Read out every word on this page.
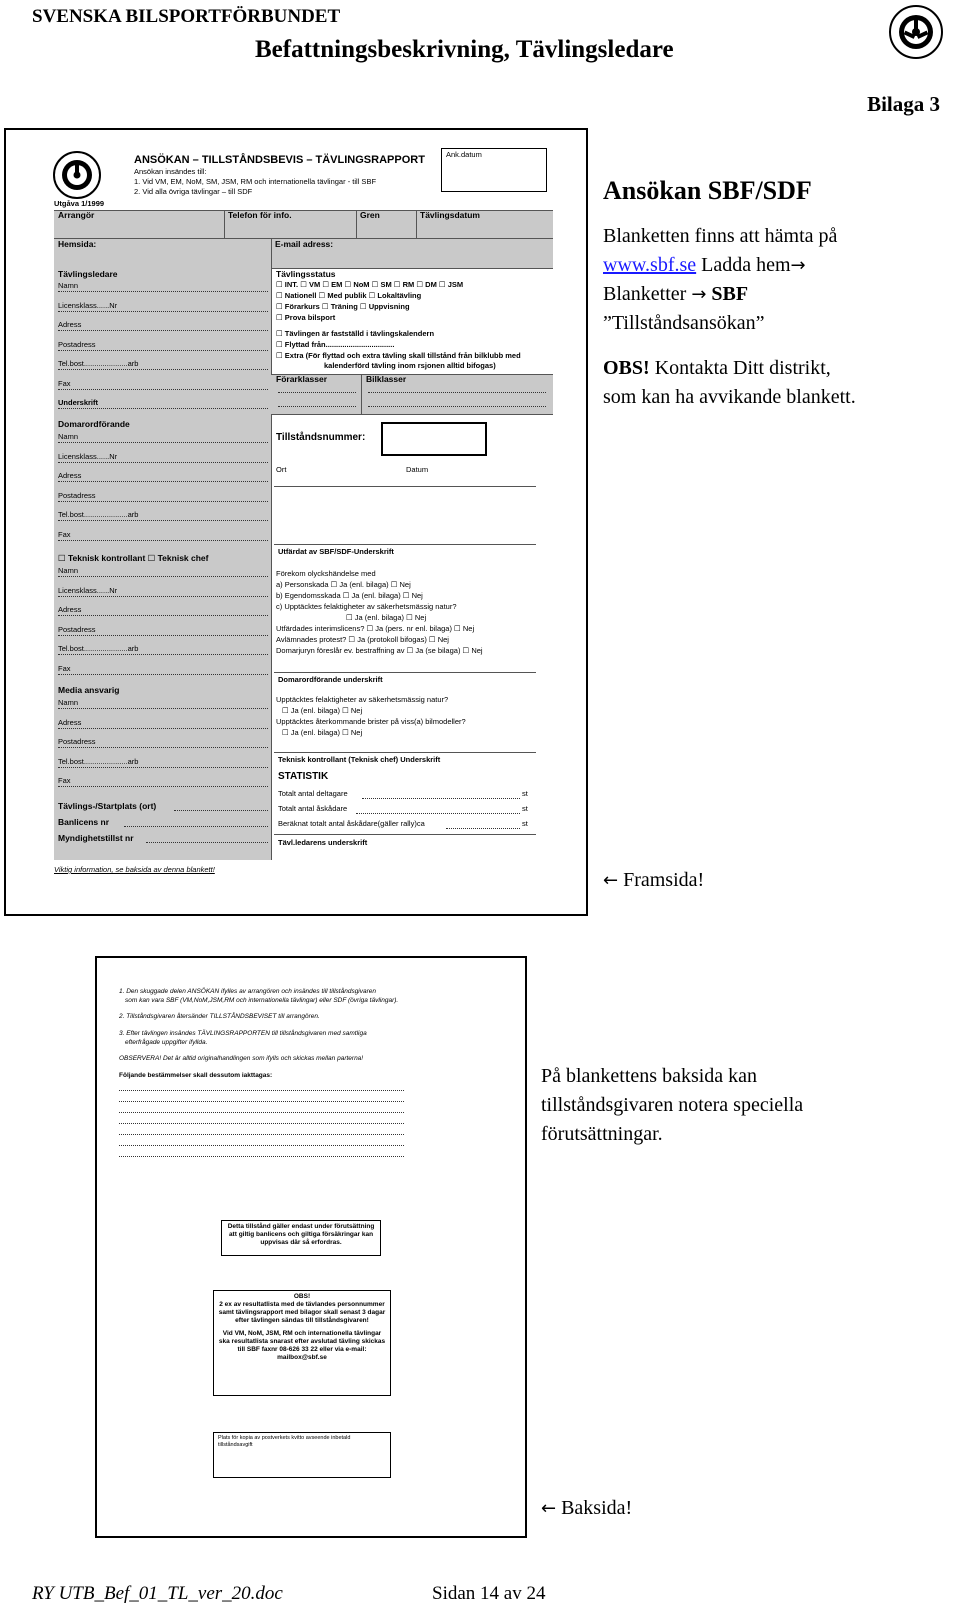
SVENSKA BILSPORTFÖRBUNDET
Befattningsbeskrivning, Tävlingsledare
Bilaga 3
ANSÖKAN – TILLSTÅNDSBEVIS – TÄVLINGSRAPPORT
Ansökan insändes till:
1. Vid VM, EM, NoM, SM, JSM, RM och internationella tävlingar - till SBF
2. Vid alla övriga tävlingar – till SDF
Ank.datum
Utgåva 1/1999
Arrangör	Telefon för info.	Gren	Tävlingsdatum
Hemsida:	E-mail adress:
Tävlingsledare
Namn
Licensklass......Nr
Adress
Postadress
Tel.bost.....................arb
Fax
Underskrift
Domarordförande
Namn
Licensklass......Nr
Adress
Postadress
Tel.bost.....................arb
Fax
☐ Teknisk kontrollant ☐ Teknisk chef
Namn
Licensklass......Nr
Adress
Postadress
Tel.bost.....................arb
Fax
Media ansvarig
Namn
Adress
Postadress
Tel.bost.....................arb
Fax
Tävlings-/Startplats (ort)
Banlicens nr
Myndighetstillst nr
Tävlingsstatus
☐ INT. ☐ VM ☐ EM ☐ NoM ☐ SM ☐ RM ☐ DM ☐ JSM
☐ Nationell ☐ Med publik ☐ Lokaltävling
☐ Förarkurs ☐ Träning ☐ Uppvisning
☐ Prova bilsport
☐ Tävlingen är fastställd i tävlingskalendern
☐ Flyttad från.................................
☐ Extra (För flyttad och extra tävling skall tillstånd från bilklubb med
kalenderförd tävling inom rsjonen alltid bifogas)
Förarklasser	Bilklasser
Tillståndsnummer:
Ort	Datum
Utfärdat av SBF/SDF-Underskrift
Förekom olyckshändelse med
a) Personskada ☐ Ja (enl. bilaga) ☐ Nej
b) Egendomsskada ☐ Ja (enl. bilaga) ☐ Nej
c) Upptäcktes felaktigheter av säkerhetsmässig natur?
☐ Ja (enl. bilaga) ☐ Nej
Utfärdades interimslicens? ☐ Ja (pers. nr enl. bilaga) ☐ Nej
Avlämnades protest? ☐ Ja (protokoll bifogas) ☐ Nej
Domarjuryn föreslår ev. bestraffning av ☐ Ja (se bilaga) ☐ Nej
Domarordförande underskrift
Upptäcktes felaktigheter av säkerhetsmässig natur?
☐ Ja (enl. bilaga) ☐ Nej
Upptäcktes återkommande brister på viss(a) bilmodeller?
☐ Ja (enl. bilaga) ☐ Nej
Teknisk kontrollant (Teknisk chef) Underskrift
STATISTIK
Totalt antal deltagare	st
Totalt antal åskådare	st
Beräknat totalt antal åskådare(gäller rally)ca	st
Tävl.ledarens underskrift
Viktig information, se baksida av denna blankett!
Ansökan SBF/SDF
Blanketten finns att hämta på
www.sbf.se Ladda hem→
Blanketter → SBF
”Tillståndsansökan”
OBS! Kontakta Ditt distrikt,
som kan ha avvikande blankett.
← Framsida!
1. Den skuggade delen ANSÖKAN ifylles av arrangören och insändes till tillståndsgivaren
som kan vara SBF (VM,NoM,JSM,RM och internationella tävlingar) eller SDF (övriga tävlingar).
2. Tillståndsgivaren återsänder TILLSTÅNDSBEVISET till arrangören.
3. Efter tävlingen insändes TÄVLINGSRAPPORTEN till tillståndsgivaren med samtliga
efterfrågade uppgifter ifyllda.
OBSERVERA! Det är alltid originalhandlingen som ifylls och skickas mellan parterna!
Följande bestämmelser skall dessutom iakttagas:
Detta tillstånd gäller endast under förutsättning att giltig banlicens och giltiga försäkringar kan uppvisas där så erfordras.
OBS!
2 ex av resultatlista med de tävlandes personnummer samt tävlingsrapport med bilagor skall senast 3 dagar efter tävlingen sändas till tillståndsgivaren!
Vid VM, NoM, JSM, RM och internationella tävlingar ska resultatlista snarast efter avslutad tävling skickas till SBF faxnr 08-626 33 22 eller via e-mail: mailbox@sbf.se
Plats för kopia av postverkets kvitto avseende inbetald tillståndsavgift
På blankettens baksida kan
tillståndsgivaren notera speciella
förutsättningar.
← Baksida!
RY UTB_Bef_01_TL_ver_20.doc	Sidan 14 av 24
